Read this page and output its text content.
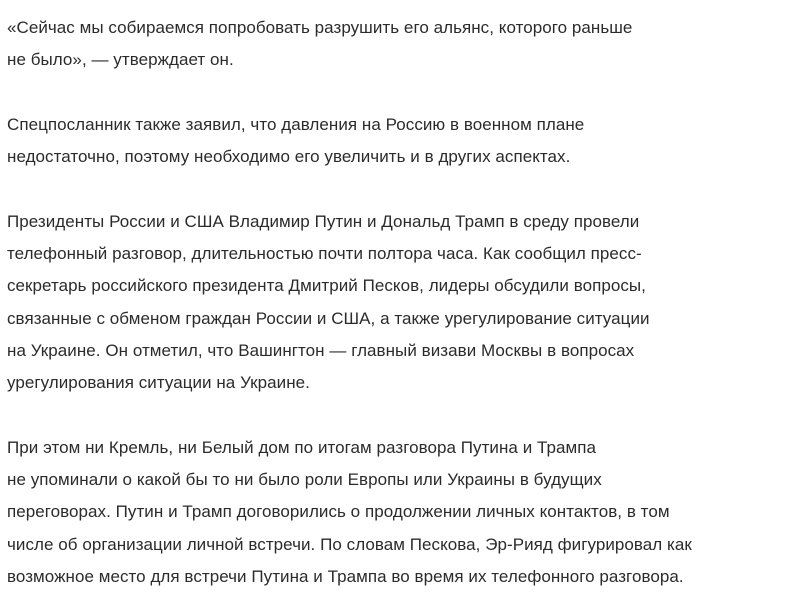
«Сейчас мы собираемся попробовать разрушить его альянс, которого раньше
не было», — утверждает он.

Спецпосланник также заявил, что давления на Россию в военном плане
недостаточно, поэтому необходимо его увеличить и в других аспектах.

Президенты России и США Владимир Путин и Дональд Трамп в среду провели
телефонный разговор, длительностью почти полтора часа. Как сообщил пресс-
секретарь российского президента Дмитрий Песков, лидеры обсудили вопросы,
связанные с обменом граждан России и США, а также урегулирование ситуации
на Украине. Он отметил, что Вашингтон — главный визави Москвы в вопросах
урегулирования ситуации на Украине.

При этом ни Кремль, ни Белый дом по итогам разговора Путина и Трампа
не упоминали о какой бы то ни было роли Европы или Украины в будущих
переговорах. Путин и Трамп договорились о продолжении личных контактов, в том
числе об организации личной встречи. По словам Пескова, Эр-Рияд фигурировал как
возможное место для встречи Путина и Трампа во время их телефонного разговора.
